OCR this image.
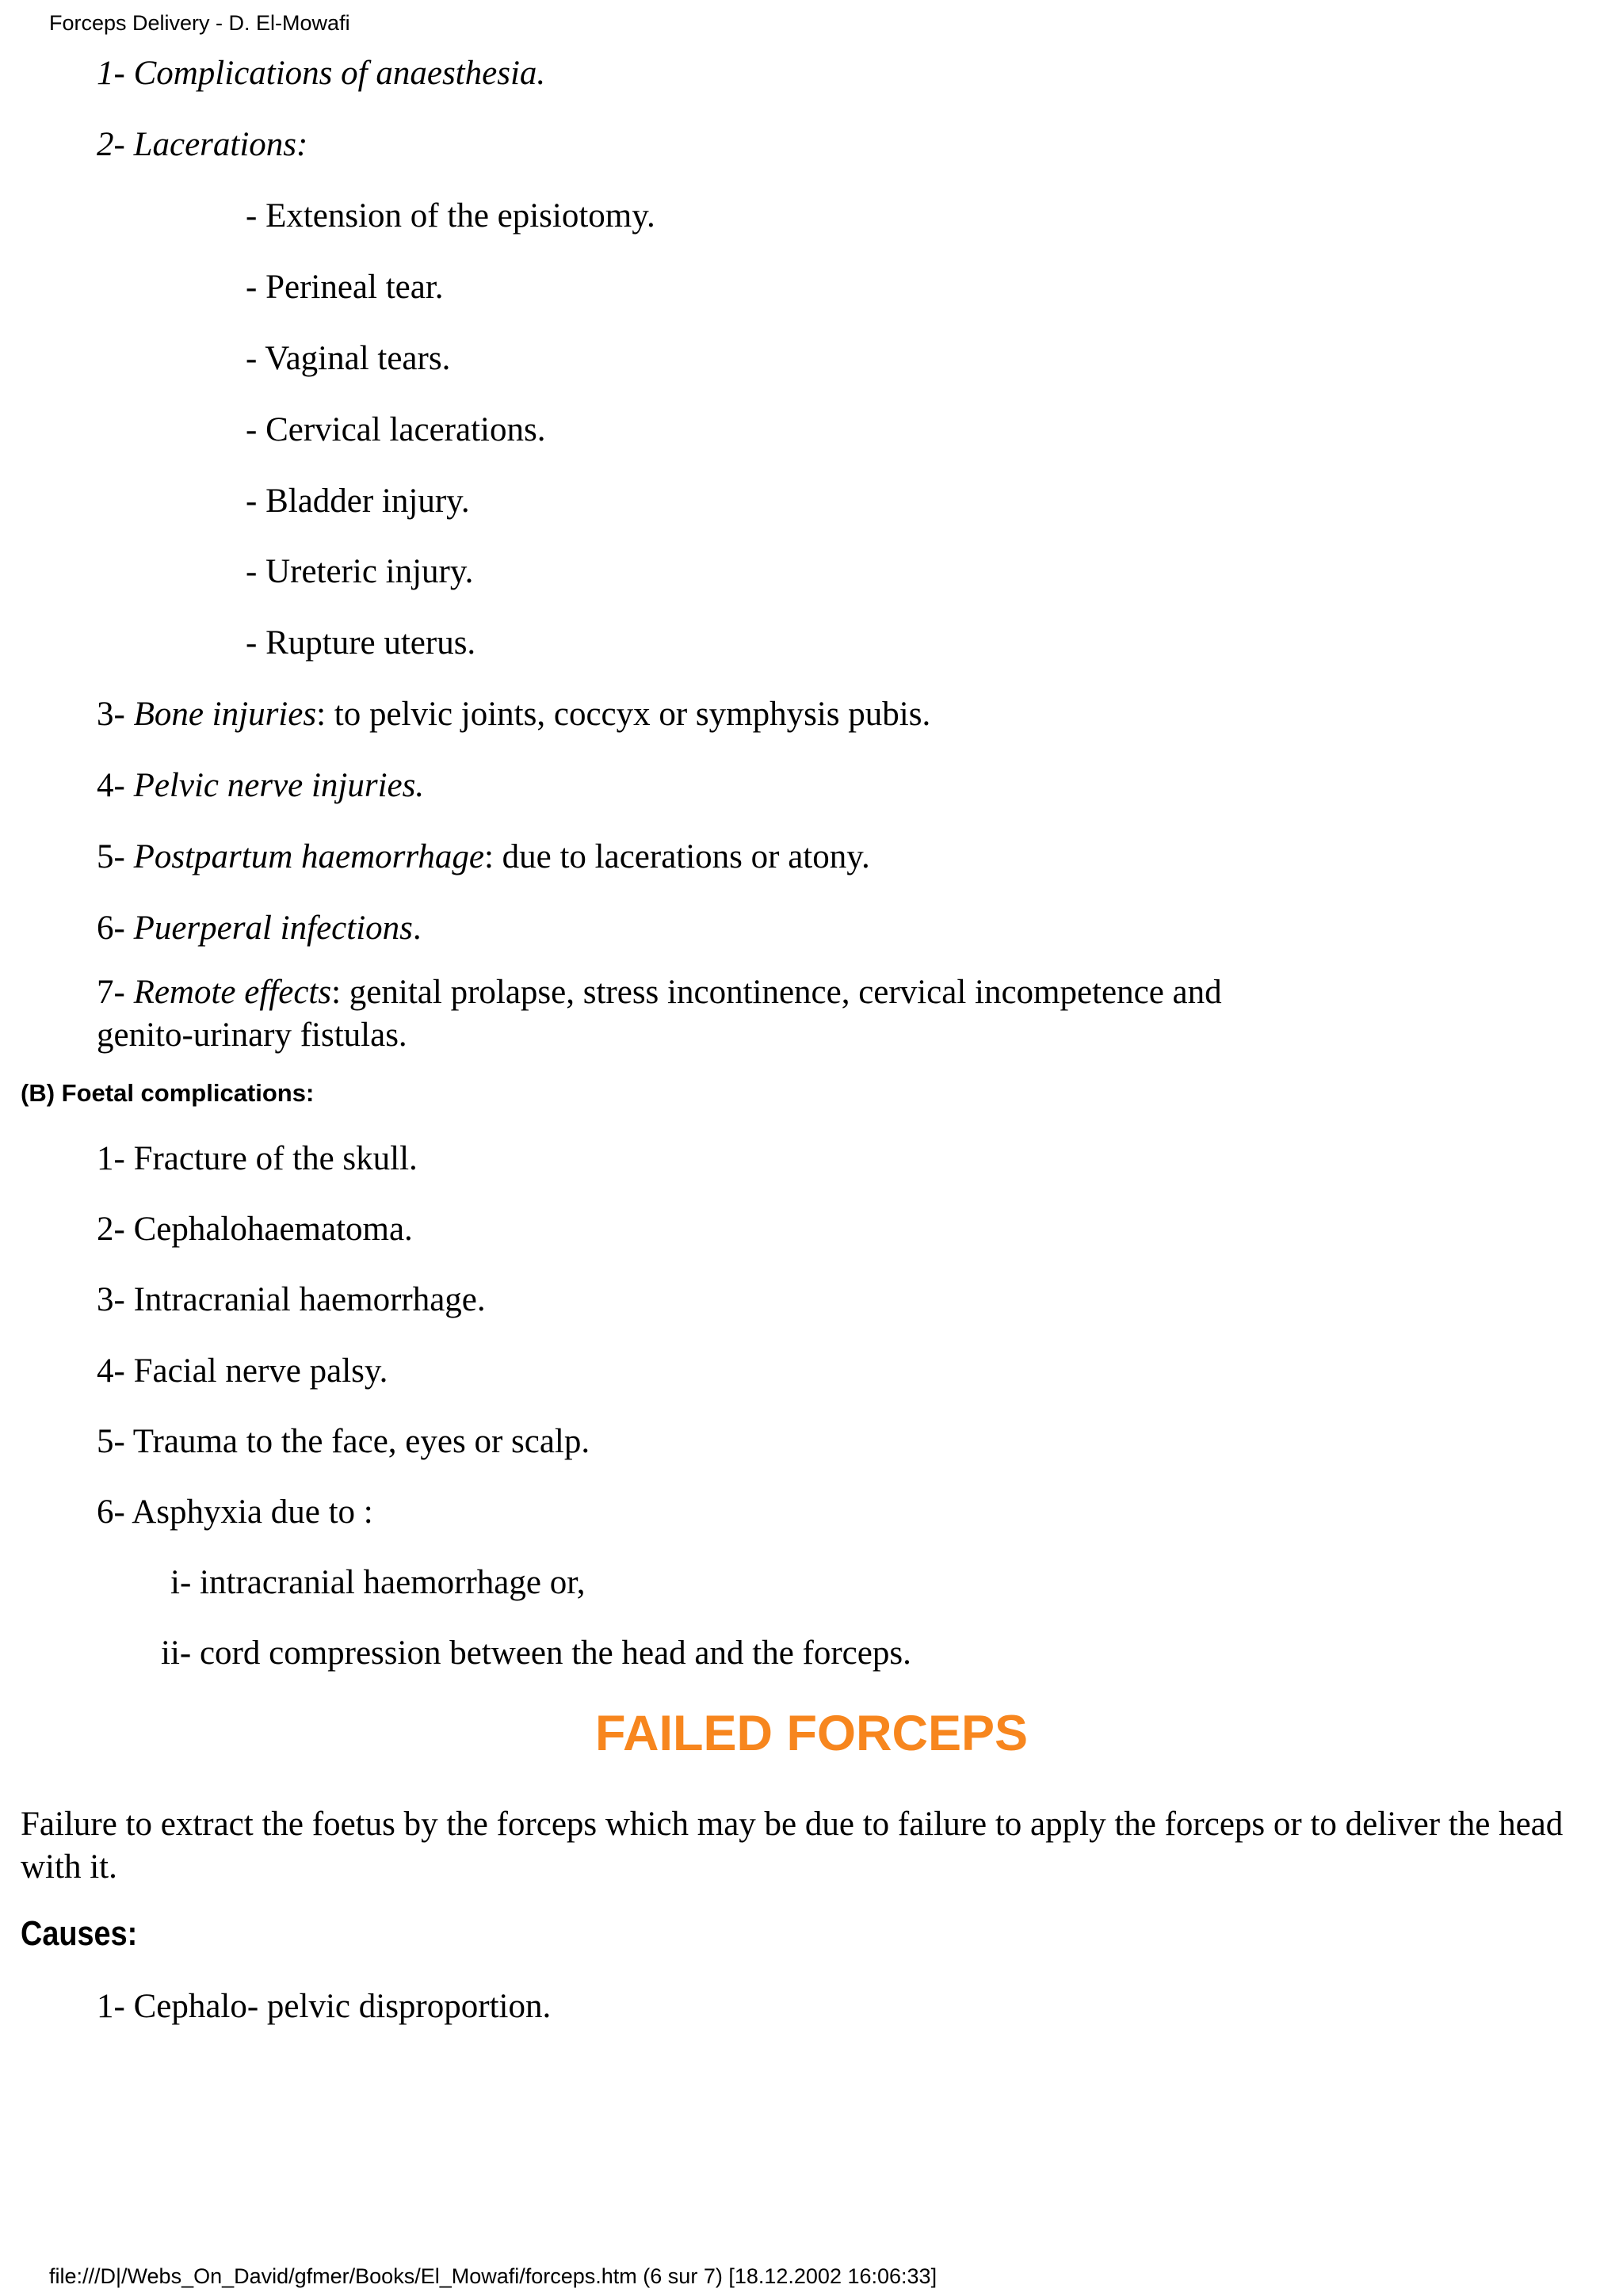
Forceps Delivery - D. El-Mowafi
1- Complications of anaesthesia.
2- Lacerations:
- Extension of the episiotomy.
- Perineal tear.
- Vaginal tears.
- Cervical lacerations.
- Bladder injury.
- Ureteric injury.
- Rupture uterus.
3- Bone injuries: to pelvic joints, coccyx or symphysis pubis.
4- Pelvic nerve injuries.
5- Postpartum haemorrhage: due to lacerations or atony.
6- Puerperal infections.
7- Remote effects: genital prolapse, stress incontinence, cervical incompetence and
genito-urinary fistulas.
(B) Foetal complications:
1- Fracture of the skull.
2- Cephalohaematoma.
3- Intracranial haemorrhage.
4- Facial nerve palsy.
5- Trauma to the face, eyes or scalp.
6- Asphyxia due to :
i- intracranial haemorrhage or,
ii- cord compression between the head and the forceps.
FAILED FORCEPS
Failure to extract the foetus by the forceps which may be due to failure to apply the forceps or to deliver the head with it.
Causes:
1- Cephalo- pelvic disproportion.
file:///D|/Webs_On_David/gfmer/Books/El_Mowafi/forceps.htm (6 sur 7) [18.12.2002 16:06:33]
